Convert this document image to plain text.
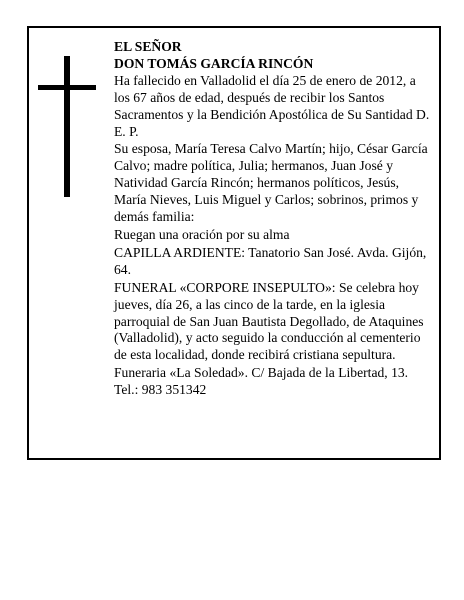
EL SEÑOR
DON TOMÁS GARCÍA RINCÓN

Ha fallecido en Valladolid el día 25 de enero de 2012, a los 67 años de edad, después de recibir los Santos Sacramentos y la Bendición Apostólica de Su Santidad D. E. P.

Su esposa, María Teresa Calvo Martín; hijo, César García Calvo; madre política, Julia; hermanos, Juan José y Natividad García Rincón; hermanos políticos, Jesús, María Nieves, Luis Miguel y Carlos; sobrinos, primos y demás familia:

Ruegan una oración por su alma

CAPILLA ARDIENTE: Tanatorio San José. Avda. Gijón, 64.

FUNERAL «CORPORE INSEPULTO»: Se celebra hoy jueves, día 26, a las cinco de la tarde, en la iglesia parroquial de San Juan Bautista Degollado, de Ataquines (Valladolid), y acto seguido la conducción al cementerio de esta localidad, donde recibirá cristiana sepultura.

Funeraria «La Soledad». C/ Bajada de la Libertad, 13. Tel.: 983 351342
